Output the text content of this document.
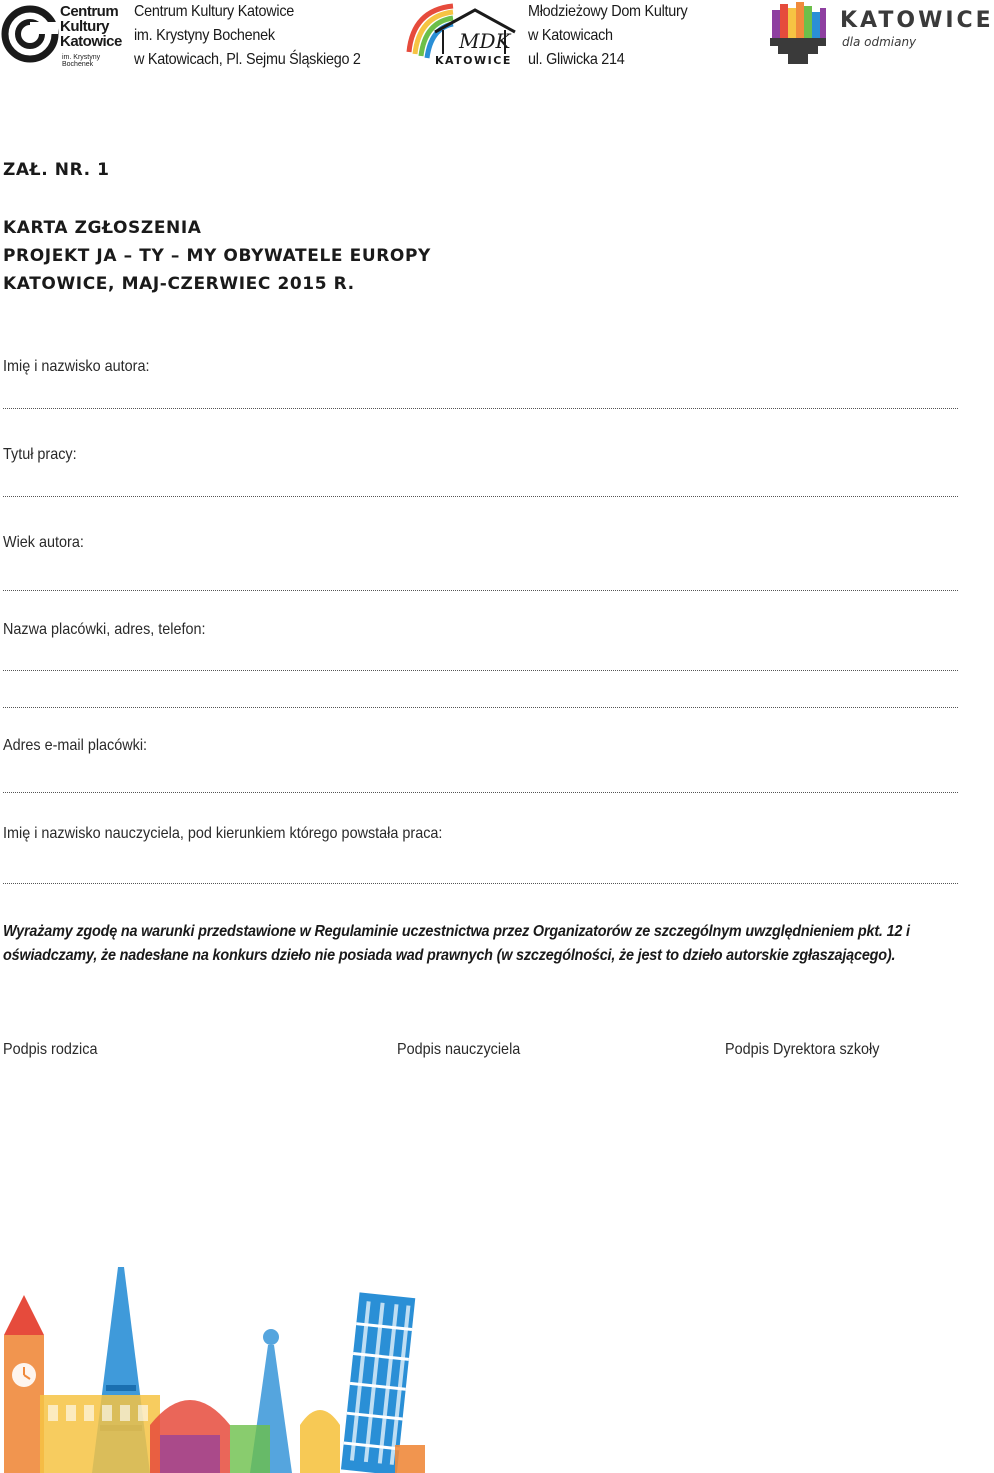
Centrum
Kultury
Katowice
im. Krystyny Bochenek
Centrum Kultury Katowice
im. Krystyny Bochenek
w Katowicach, Pl. Sejmu Śląskiego 2
MDK
KATOWICE
Młodzieżowy Dom Kultury
w Katowicach
ul. Gliwicka 214
KATOWICE
dla odmiany
ZAŁ. NR. 1
KARTA ZGŁOSZENIA
PROJEKT JA – TY – MY OBYWATELE EUROPY
KATOWICE, MAJ-CZERWIEC 2015 R.
Imię i nazwisko autora:
Tytuł pracy:
Wiek autora:
Nazwa placówki, adres, telefon:
Adres e-mail placówki:
Imię i nazwisko nauczyciela, pod kierunkiem którego powstała praca:
Wyrażamy zgodę na warunki przedstawione w Regulaminie uczestnictwa przez Organizatorów ze szczególnym uwzględnieniem pkt. 12 i
oświadczamy, że nadesłane na konkurs dzieło nie posiada wad prawnych (w szczególności, że jest to dzieło autorskie zgłaszającego).
Podpis rodzica	Podpis nauczyciela	Podpis Dyrektora szkoły
